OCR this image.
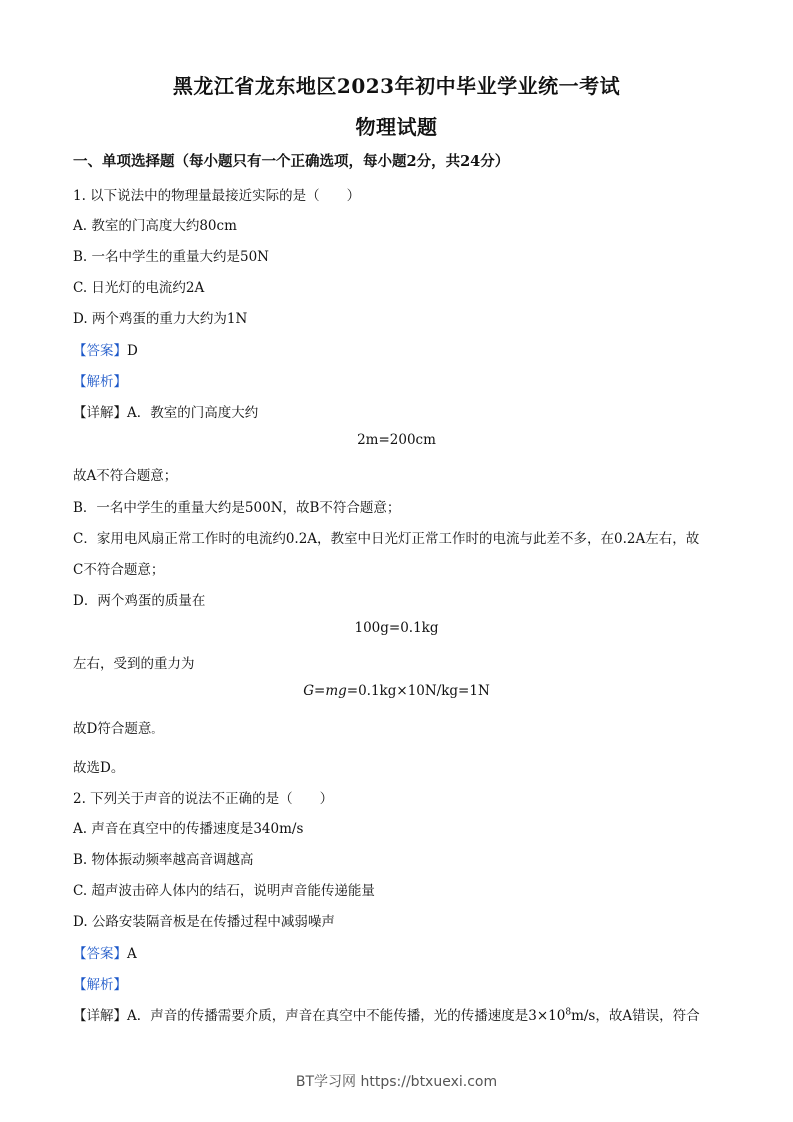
黑龙江省龙东地区2023年初中毕业学业统一考试
物理试题
一、单项选择题（每小题只有一个正确选项，每小题2分，共24分）
1. 以下说法中的物理量最接近实际的是（　　）
A. 教室的门高度大约80cm
B. 一名中学生的重量大约是50N
C. 日光灯的电流约2A
D. 两个鸡蛋的重力大约为1N
【答案】D
【解析】
【详解】A．教室的门高度大约
2m=200cm
故A不符合题意；
B．一名中学生的重量大约是500N，故B不符合题意；
C．家用电风扇正常工作时的电流约0.2A，教室中日光灯正常工作时的电流与此差不多，在0.2A左右，故
C不符合题意；
D．两个鸡蛋的质量在
100g=0.1kg
左右，受到的重力为
G=mg=0.1kg×10N/kg=1N
故D符合题意。
故选D。
2. 下列关于声音的说法不正确的是（　　）
A. 声音在真空中的传播速度是340m/s
B. 物体振动频率越高音调越高
C. 超声波击碎人体内的结石，说明声音能传递能量
D. 公路安装隔音板是在传播过程中减弱噪声
【答案】A
【解析】
【详解】A．声音的传播需要介质，声音在真空中不能传播，光的传播速度是$3\times 10^8m/s$，故A错误，符合
BT学习网 https://btxuexi.com
